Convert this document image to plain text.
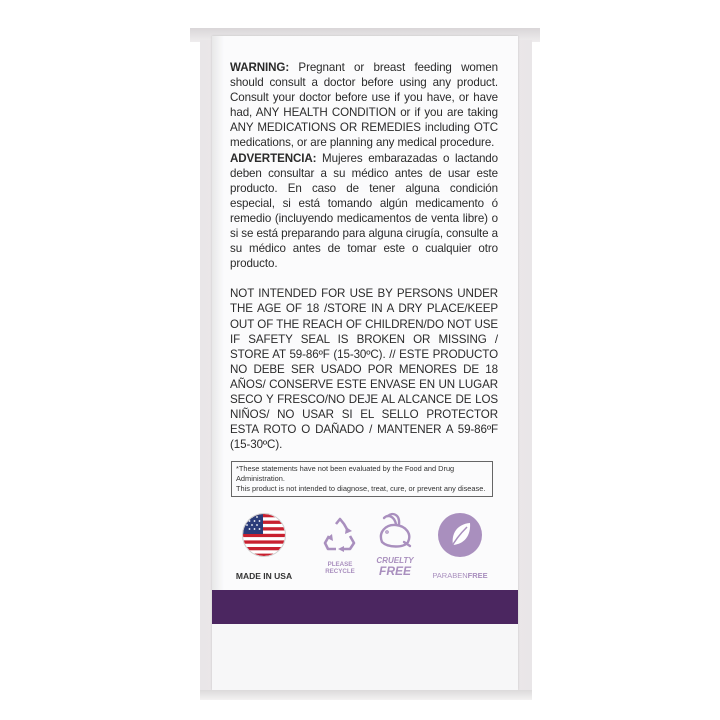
WARNING: Pregnant or breast feeding women should consult a doctor before using any product. Consult your doctor before use if you have, or have had, ANY HEALTH CONDITION or if you are taking ANY MEDICATIONS OR REMEDIES including OTC medications, or are planning any medical procedure.

ADVERTENCIA: Mujeres embarazadas o lactando deben consultar a su médico antes de usar este producto. En caso de tener alguna condición especial, si está tomando algún medicamento ó remedio (incluyendo medicamentos de venta libre) o si se está preparando para alguna cirugía, consulte a su médico antes de tomar este o cualquier otro producto.

NOT INTENDED FOR USE BY PERSONS UNDER THE AGE OF 18 /STORE IN A DRY PLACE/KEEP OUT OF THE REACH OF CHILDREN/DO NOT USE IF SAFETY SEAL IS BROKEN OR MISSING / STORE AT 59-86ºF (15-30ºC). // ESTE PRODUCTO NO DEBE SER USADO POR MENORES DE 18 AÑOS/ CONSERVE ESTE ENVASE EN UN LUGAR SECO Y FRESCO/NO DEJE AL ALCANCE DE LOS NIÑOS/ NO USAR SI EL SELLO PROTECTOR ESTA ROTO O DAÑADO / MANTENER A 59-86ºF (15-30ºC).

*These statements have not been evaluated by the Food and Drug Administration.
This product is not intended to diagnose, treat, cure, or prevent any disease.
MADE IN USA
PLEASE
RECYCLE
CRUELTY
FREE	PARABENFREE
